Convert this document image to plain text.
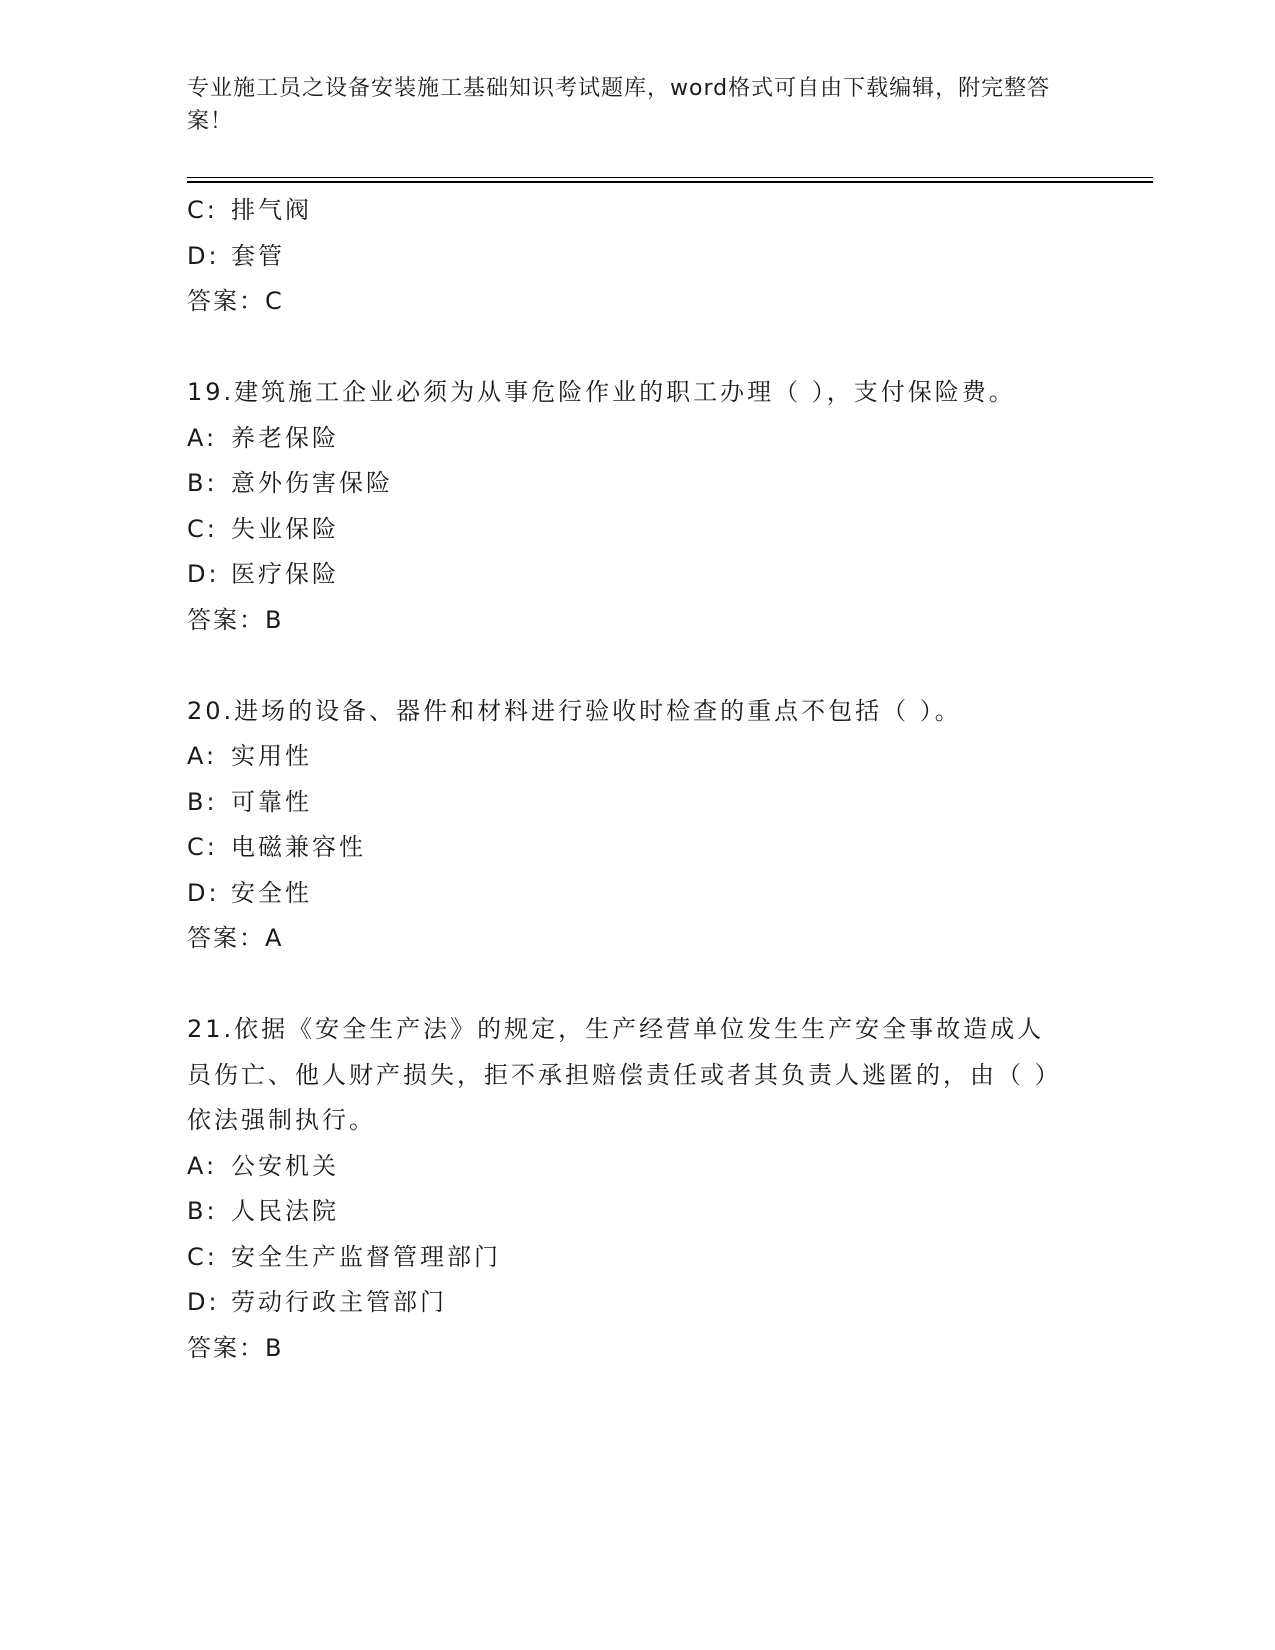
专业施工员之设备安装施工基础知识考试题库，word格式可自由下载编辑，附完整答案！

C: 排气阀
D: 套管
答案：C
19.建筑施工企业必须为从事危险作业的职工办理（ ），支付保险费。
A: 养老保险
B: 意外伤害保险
C: 失业保险
D: 医疗保险
答案：B
20.进场的设备、器件和材料进行验收时检查的重点不包括（ ）。
A: 实用性
B: 可靠性
C: 电磁兼容性
D: 安全性
答案：A
21.依据《安全生产法》的规定，生产经营单位发生生产安全事故造成人员伤亡、他人财产损失，拒不承担赔偿责任或者其负责人逃匿的，由（ ）依法强制执行。
A: 公安机关
B: 人民法院
C: 安全生产监督管理部门
D: 劳动行政主管部门
答案：B
